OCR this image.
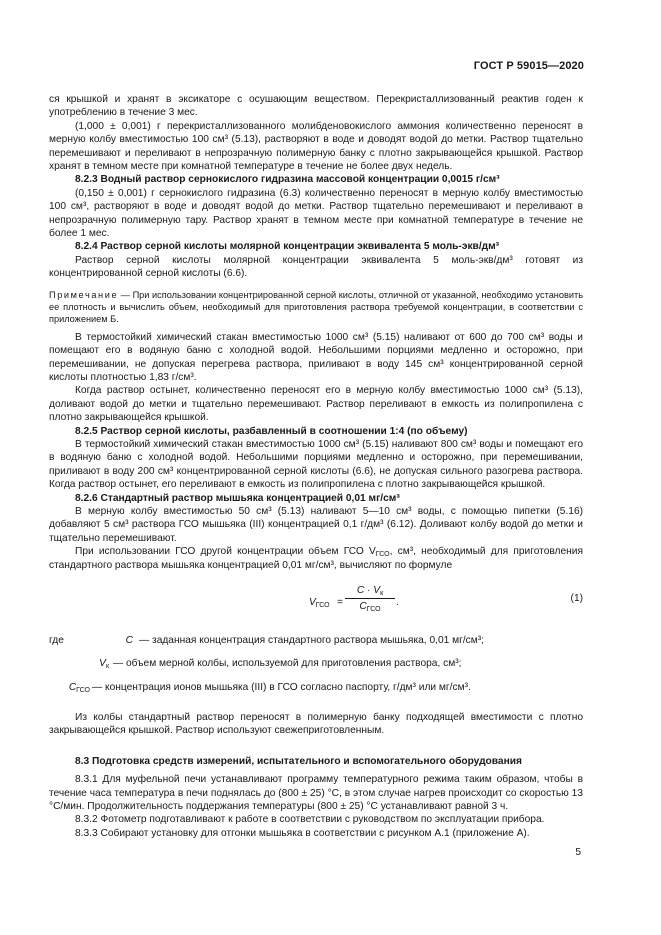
ГОСТ Р 59015—2020

ся крышкой и хранят в эксикаторе с осушающим веществом. Перекристаллизованный реактив годен к употреблению в течение 3 мес.

(1,000 ± 0,001) г перекристаллизованного молибденовокислого аммония количественно переносят в мерную колбу вместимостью 100 см³ (5.13), растворяют в воде и доводят водой до метки. Раствор тщательно перемешивают и переливают в непрозрачную полимерную банку с плотно закрывающейся крышкой. Раствор хранят в темном месте при комнатной температуре в течение не более двух недель.

8.2.3 Водный раствор сернокислого гидразина массовой концентрации 0,0015 г/см³

(0,150 ± 0,001) г сернокислого гидразина (6.3) количественно переносят в мерную колбу вместимостью 100 см³, растворяют в воде и доводят водой до метки. Раствор тщательно перемешивают и переливают в непрозрачную полимерную тару. Раствор хранят в темном месте при комнатной температуре в течение не более 1 мес.

8.2.4 Раствор серной кислоты молярной концентрации эквивалента 5 моль-экв/дм³

Раствор серной кислоты молярной концентрации эквивалента 5 моль-экв/дм³ готовят из концентрированной серной кислоты (6.6).

Примечание — При использовании концентрированной серной кислоты, отличной от указанной, необходимо установить ее плотность и вычислить объем, необходимый для приготовления раствора требуемой концентрации, в соответствии с приложением Б.

В термостойкий химический стакан вместимостью 1000 см³ (5.15) наливают от 600 до 700 см³ воды и помещают его в водяную баню с холодной водой. Небольшими порциями медленно и осторожно, при перемешивании, не допуская перегрева раствора, приливают в воду 145 см³ концентрированной серной кислоты плотностью 1,83 г/см³.

Когда раствор остынет, количественно переносят его в мерную колбу вместимостью 1000 см³ (5.13), доливают водой до метки и тщательно перемешивают. Раствор переливают в емкость из полипропилена с плотно закрывающейся крышкой.

8.2.5 Раствор серной кислоты, разбавленный в соотношении 1:4 (по объему)

В термостойкий химический стакан вместимостью 1000 см³ (5.15) наливают 800 см³ воды и помещают его в водяную баню с холодной водой. Небольшими порциями медленно и осторожно, при перемешивании, приливают в воду 200 см³ концентрированной серной кислоты (6.6), не допуская сильного разогрева раствора. Когда раствор остынет, его переливают в емкость из полипропилена с плотно закрывающейся крышкой.

8.2.6 Стандартный раствор мышьяка концентрацией 0,01 мг/см³

В мерную колбу вместимостью 50 см³ (5.13) наливают 5—10 см³ воды, с помощью пипетки (5.16) добавляют 5 см³ раствора ГСО мышьяка (III) концентрацией 0,1 г/дм³ (6.12). Доливают колбу водой до метки и тщательно перемешивают.

При использовании ГСО другой концентрации объем ГСО $V_{ГСО}$, см³, необходимый для приготовления стандартного раствора мышьяка концентрацией 0,01 мг/см³, вычисляют по формуле

$V_{ГСО}$ =
$C \cdot V_к$
$C_{ГСО}$
.	(1)
где	C — заданная концентрация стандартного раствора мышьяка, 0,01 мг/см³;
$V_к$ — объем мерной колбы, используемой для приготовления раствора, см³;
$C_{ГСО}$ — концентрация ионов мышьяка (III) в ГСО согласно паспорту, г/дм³ или мг/см³.

Из колбы стандартный раствор переносят в полимерную банку подходящей вместимости с плотно закрывающейся крышкой. Раствор используют свежеприготовленным.

8.3 Подготовка средств измерений, испытательного и вспомогательного оборудования

8.3.1 Для муфельной печи устанавливают программу температурного режима таким образом, чтобы в течение часа температура в печи поднялась до (800 ± 25) °C, в этом случае нагрев происходит со скоростью 13 °C/мин. Продолжительность поддержания температуры (800 ± 25) °C устанавливают равной 3 ч.

8.3.2 Фотометр подготавливают к работе в соответствии с руководством по эксплуатации прибора.

8.3.3 Собирают установку для отгонки мышьяка в соответствии с рисунком А.1 (приложение А).

5
